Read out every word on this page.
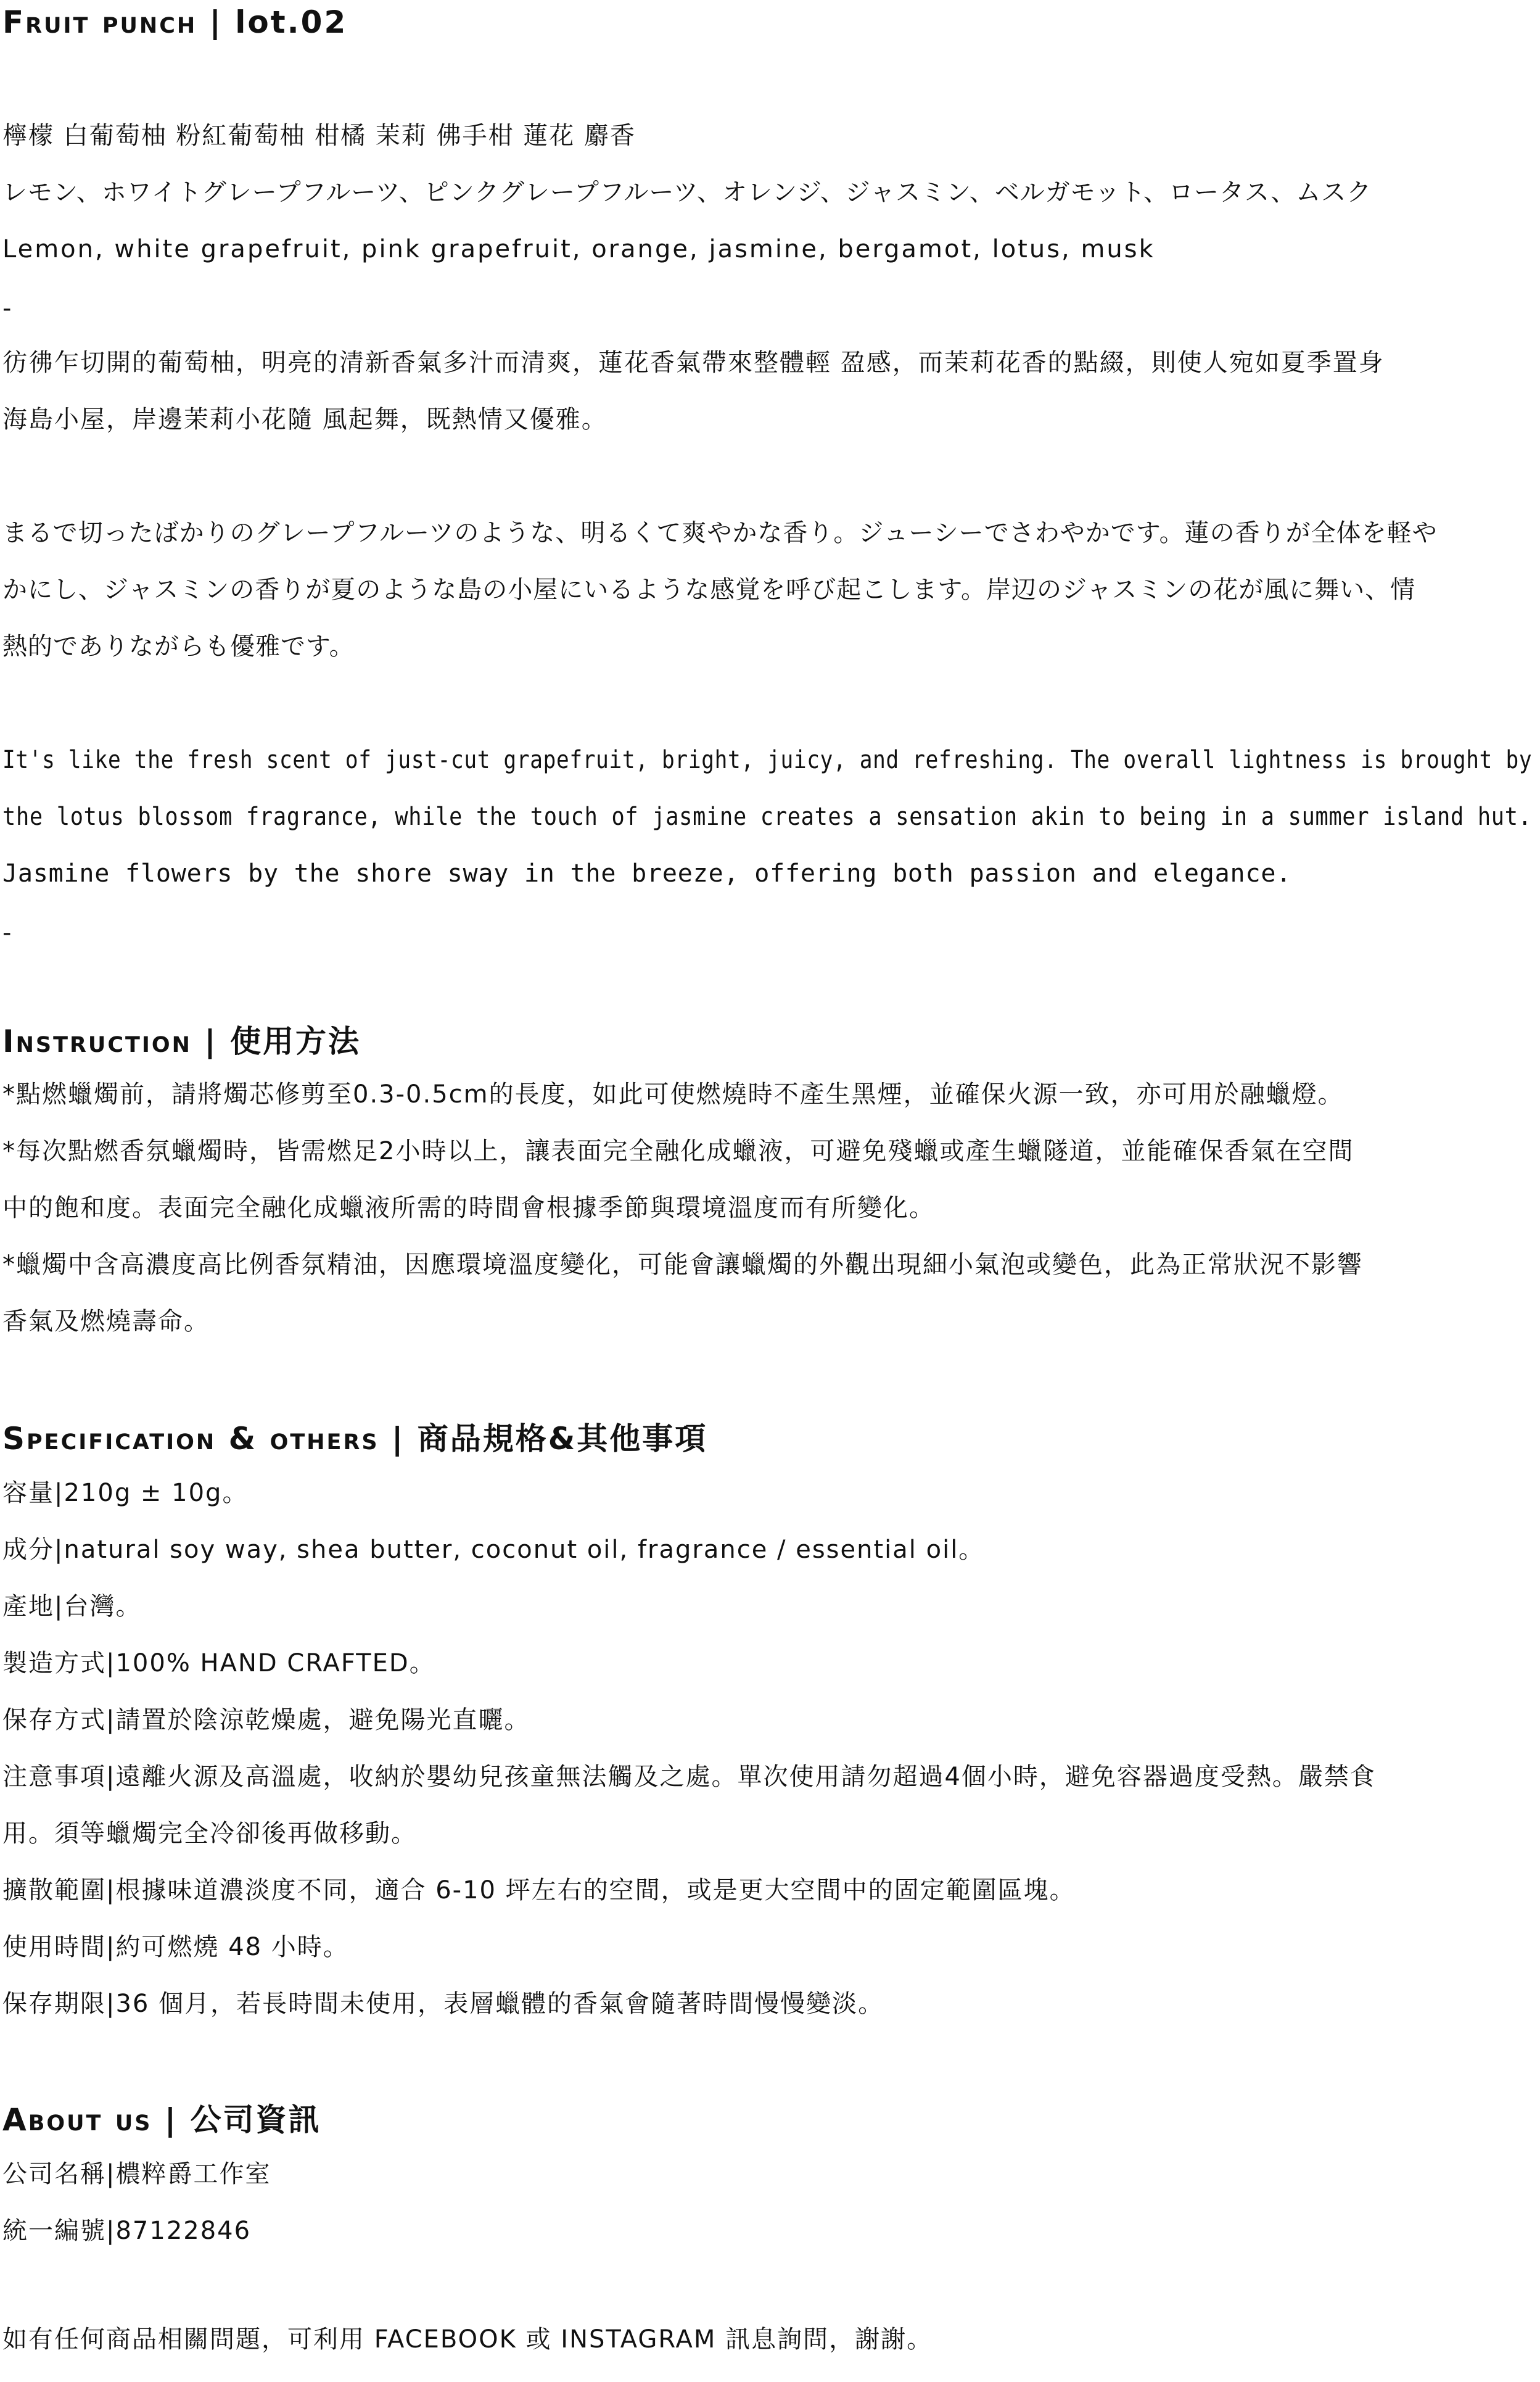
Fruit punch | lot.02
檸檬 白葡萄柚 粉紅葡萄柚 柑橘 茉莉 佛手柑 蓮花 麝香
レモン、ホワイトグレープフルーツ、ピンクグレープフルーツ、オレンジ、ジャスミン、ベルガモット、ロータス、ムスク
Lemon, white grapefruit, pink grapefruit, orange, jasmine, bergamot, lotus, musk
-
彷彿乍切開的葡萄柚，明亮的清新香氣多汁而清爽，蓮花香氣帶來整體輕 盈感，而茉莉花香的點綴，則使人宛如夏季置身
海島小屋，岸邊茉莉小花隨 風起舞，既熱情又優雅。
まるで切ったばかりのグレープフルーツのような、明るくて爽やかな香り。ジューシーでさわやかです。蓮の香りが全体を軽や
かにし、ジャスミンの香りが夏のような島の小屋にいるような感覚を呼び起こします。岸辺のジャスミンの花が風に舞い、情
熱的でありながらも優雅です。
It's like the fresh scent of just-cut grapefruit, bright, juicy, and refreshing. The overall lightness is brought by
the lotus blossom fragrance, while the touch of jasmine creates a sensation akin to being in a summer island hut.
Jasmine flowers by the shore sway in the breeze, offering both passion and elegance.
-
Instruction | 使用方法
*點燃蠟燭前，請將燭芯修剪至0.3-0.5cm的長度，如此可使燃燒時不產生黑煙，並確保火源一致，亦可用於融蠟燈。
*每次點燃香氛蠟燭時，皆需燃足2小時以上，讓表面完全融化成蠟液，可避免殘蠟或產生蠟隧道，並能確保香氣在空間
中的飽和度。表面完全融化成蠟液所需的時間會根據季節與環境溫度而有所變化。
*蠟燭中含高濃度高比例香氛精油，因應環境溫度變化，可能會讓蠟燭的外觀出現細小氣泡或變色，此為正常狀況不影響
香氣及燃燒壽命。
Specification & others | 商品規格&其他事項
容量|210g ± 10g。
成分|natural soy way, shea butter, coconut oil, fragrance / essential oil。
產地|台灣。
製造方式|100% HAND CRAFTED。
保存方式|請置於陰涼乾燥處，避免陽光直曬。
注意事項|遠離火源及高溫處，收納於嬰幼兒孩童無法觸及之處。單次使用請勿超過4個小時，避免容器過度受熱。嚴禁食
用。須等蠟燭完全冷卻後再做移動。
擴散範圍|根據味道濃淡度不同，適合 6-10 坪左右的空間，或是更大空間中的固定範圍區塊。
使用時間|約可燃燒 48 小時。
保存期限|36 個月，若長時間未使用，表層蠟體的香氣會隨著時間慢慢變淡。
About us | 公司資訊
公司名稱|檂粹爵工作室
統一編號|87122846
如有任何商品相關問題，可利用 FACEBOOK 或 INSTAGRAM 訊息詢問，謝謝。
